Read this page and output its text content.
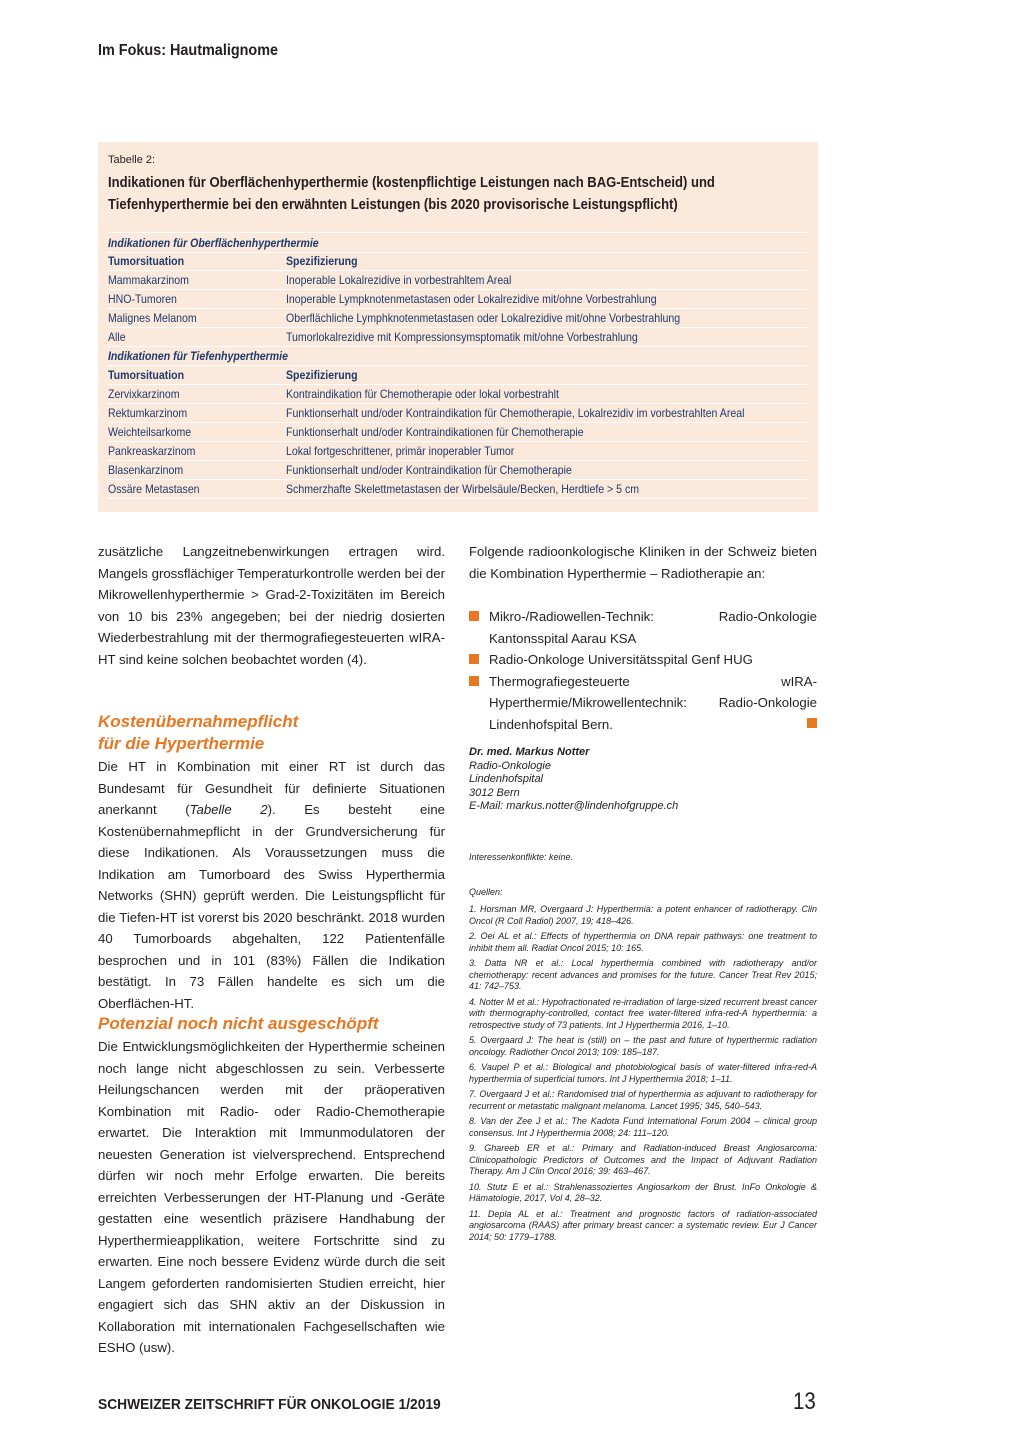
Im Fokus: Hautmalignome
Tabelle 2:
Indikationen für Oberflächenhyperthermie (kostenpflichtige Leistungen nach BAG-Entscheid) und
Tiefenhyperthermie bei den erwähnten Leistungen (bis 2020 provisorische Leistungspflicht)
Indikationen für Oberflächenhyperthermie
Tumorsituation	Spezifizierung
Mammakarzinom	Inoperable Lokalrezidive in vorbestrahltem Areal
HNO-Tumoren	Inoperable Lympknotenmetastasen oder Lokalrezidive mit/ohne Vorbestrahlung
Malignes Melanom	Oberflächliche Lymphknotenmetastasen oder Lokalrezidive mit/ohne Vorbestrahlung
Alle	Tumorlokalrezidive mit Kompressionsymsptomatik mit/ohne Vorbestrahlung
Indikationen für Tiefenhyperthermie
Tumorsituation	Spezifizierung
Zervixkarzinom	Kontraindikation für Chemotherapie oder lokal vorbestrahlt
Rektumkarzinom	Funktionserhalt und/oder Kontraindikation für Chemotherapie, Lokalrezidiv im vorbestrahlten Areal
Weichteilsarkome	Funktionserhalt und/oder Kontraindikationen für Chemotherapie
Pankreaskarzinom	Lokal fortgeschrittener, primär inoperabler Tumor
Blasenkarzinom	Funktionserhalt und/oder Kontraindikation für Chemotherapie
Ossäre Metastasen	Schmerzhafte Skelettmetastasen der Wirbelsäule/Becken, Herdtiefe > 5 cm
zusätzliche Langzeitnebenwirkungen ertragen wird. Mangels grossflächiger Temperaturkontrolle werden bei der Mikrowellenhyperthermie > Grad-2-Toxizitäten im Bereich von 10 bis 23% angegeben; bei der niedrig dosierten Wiederbestrahlung mit der thermografiegesteuerten wIRA-HT sind keine solchen beobachtet worden (4).
Kostenübernahmepflicht
für die Hyperthermie
Die HT in Kombination mit einer RT ist durch das Bundesamt für Gesundheit für definierte Situationen anerkannt (Tabelle 2). Es besteht eine Kostenübernahmepflicht in der Grundversicherung für diese Indikationen. Als Voraussetzungen muss die Indikation am Tumorboard des Swiss Hyperthermia Networks (SHN) geprüft werden. Die Leistungspflicht für die Tiefen-HT ist vorerst bis 2020 beschränkt. 2018 wurden 40 Tumorboards abgehalten, 122 Patientenfälle besprochen und in 101 (83%) Fällen die Indikation bestätigt. In 73 Fällen handelte es sich um die Oberflächen-HT.
Potenzial noch nicht ausgeschöpft
Die Entwicklungsmöglichkeiten der Hyperthermie scheinen noch lange nicht abgeschlossen zu sein. Verbesserte Heilungschancen werden mit der präoperativen Kombination mit Radio- oder Radio-Chemotherapie erwartet. Die Interaktion mit Immunmodulatoren der neuesten Generation ist vielversprechend. Entsprechend dürfen wir noch mehr Erfolge erwarten. Die bereits erreichten Verbesserungen der HT-Planung und -Geräte gestatten eine wesentlich präzisere Handhabung der Hyperthermieapplikation, weitere Fortschritte sind zu erwarten. Eine noch bessere Evidenz würde durch die seit Langem geforderten randomisierten Studien erreicht, hier engagiert sich das SHN aktiv an der Diskussion in Kollaboration mit internationalen Fachgesellschaften wie ESHO (usw).
Folgende radioonkologische Kliniken in der Schweiz bieten die Kombination Hyperthermie – Radiotherapie an:
Mikro-/Radiowellen-Technik: Radio-Onkologie Kantonsspital Aarau KSA
Radio-Onkologe Universitätsspital Genf HUG
Thermografiegesteuerte wIRA-Hyperthermie/Mikrowellentechnik: Radio-Onkologie Lindenhofspital Bern.
Dr. med. Markus Notter
Radio-Onkologie
Lindenhofspital
3012 Bern
E-Mail: markus.notter@lindenhofgruppe.ch
Interessenkonflikte: keine.
Quellen:
1. Horsman MR, Overgaard J: Hyperthermia: a potent enhancer of radiotherapy. Clin Oncol (R Coll Radiol) 2007, 19; 418–426.
2. Oei AL et al.: Effects of hyperthermia on DNA repair pathways: one treatment to inhibit them all. Radiat Oncol 2015; 10: 165.
3. Datta NR et al.: Local hyperthermia combined with radiotherapy and/or chemotherapy: recent advances and promises for the future. Cancer Treat Rev 2015; 41: 742–753.
4. Notter M et al.: Hypofractionated re-irradiation of large-sized recurrent breast cancer with thermography-controlled, contact free water-filtered infra-red-A hyperthermia: a retrospective study of 73 patients. Int J Hyperthermia 2016, 1–10.
5. Overgaard J: The heat is (still) on – the past and future of hyperthermic radiation oncology. Radiother Oncol 2013; 109: 185–187.
6. Vaupel P et al.: Biological and photobiological basis of water-filtered infra-red-A hyperthermia of superficial tumors. Int J Hyperthermia 2018; 1–11.
7. Overgaard J et al.: Randomised trial of hyperthermia as adjuvant to radiotherapy for recurrent or metastatic malignant melanoma. Lancet 1995; 345, 540–543.
8. Van der Zee J et al.: The Kadota Fund International Forum 2004 – clinical group consensus. Int J Hyperthermia 2008; 24: 111–120.
9. Ghareeb ER et al.: Primary and Radiation-induced Breast Angiosarcoma: Clinicopathologic Predictors of Outcomes and the Impact of Adjuvant Radiation Therapy. Am J Clin Oncol 2016; 39: 463–467.
10. Stutz E et al.: Strahlenassoziertes Angiosarkom der Brust. InFo Onkologie & Hämatologie, 2017, Vol 4, 28–32.
11. Depla AL et al.: Treatment and prognostic factors of radiation-associated angiosarcoma (RAAS) after primary breast cancer: a systematic review. Eur J Cancer 2014; 50: 1779–1788.
SCHWEIZER ZEITSCHRIFT FÜR ONKOLOGIE 1/2019	13
